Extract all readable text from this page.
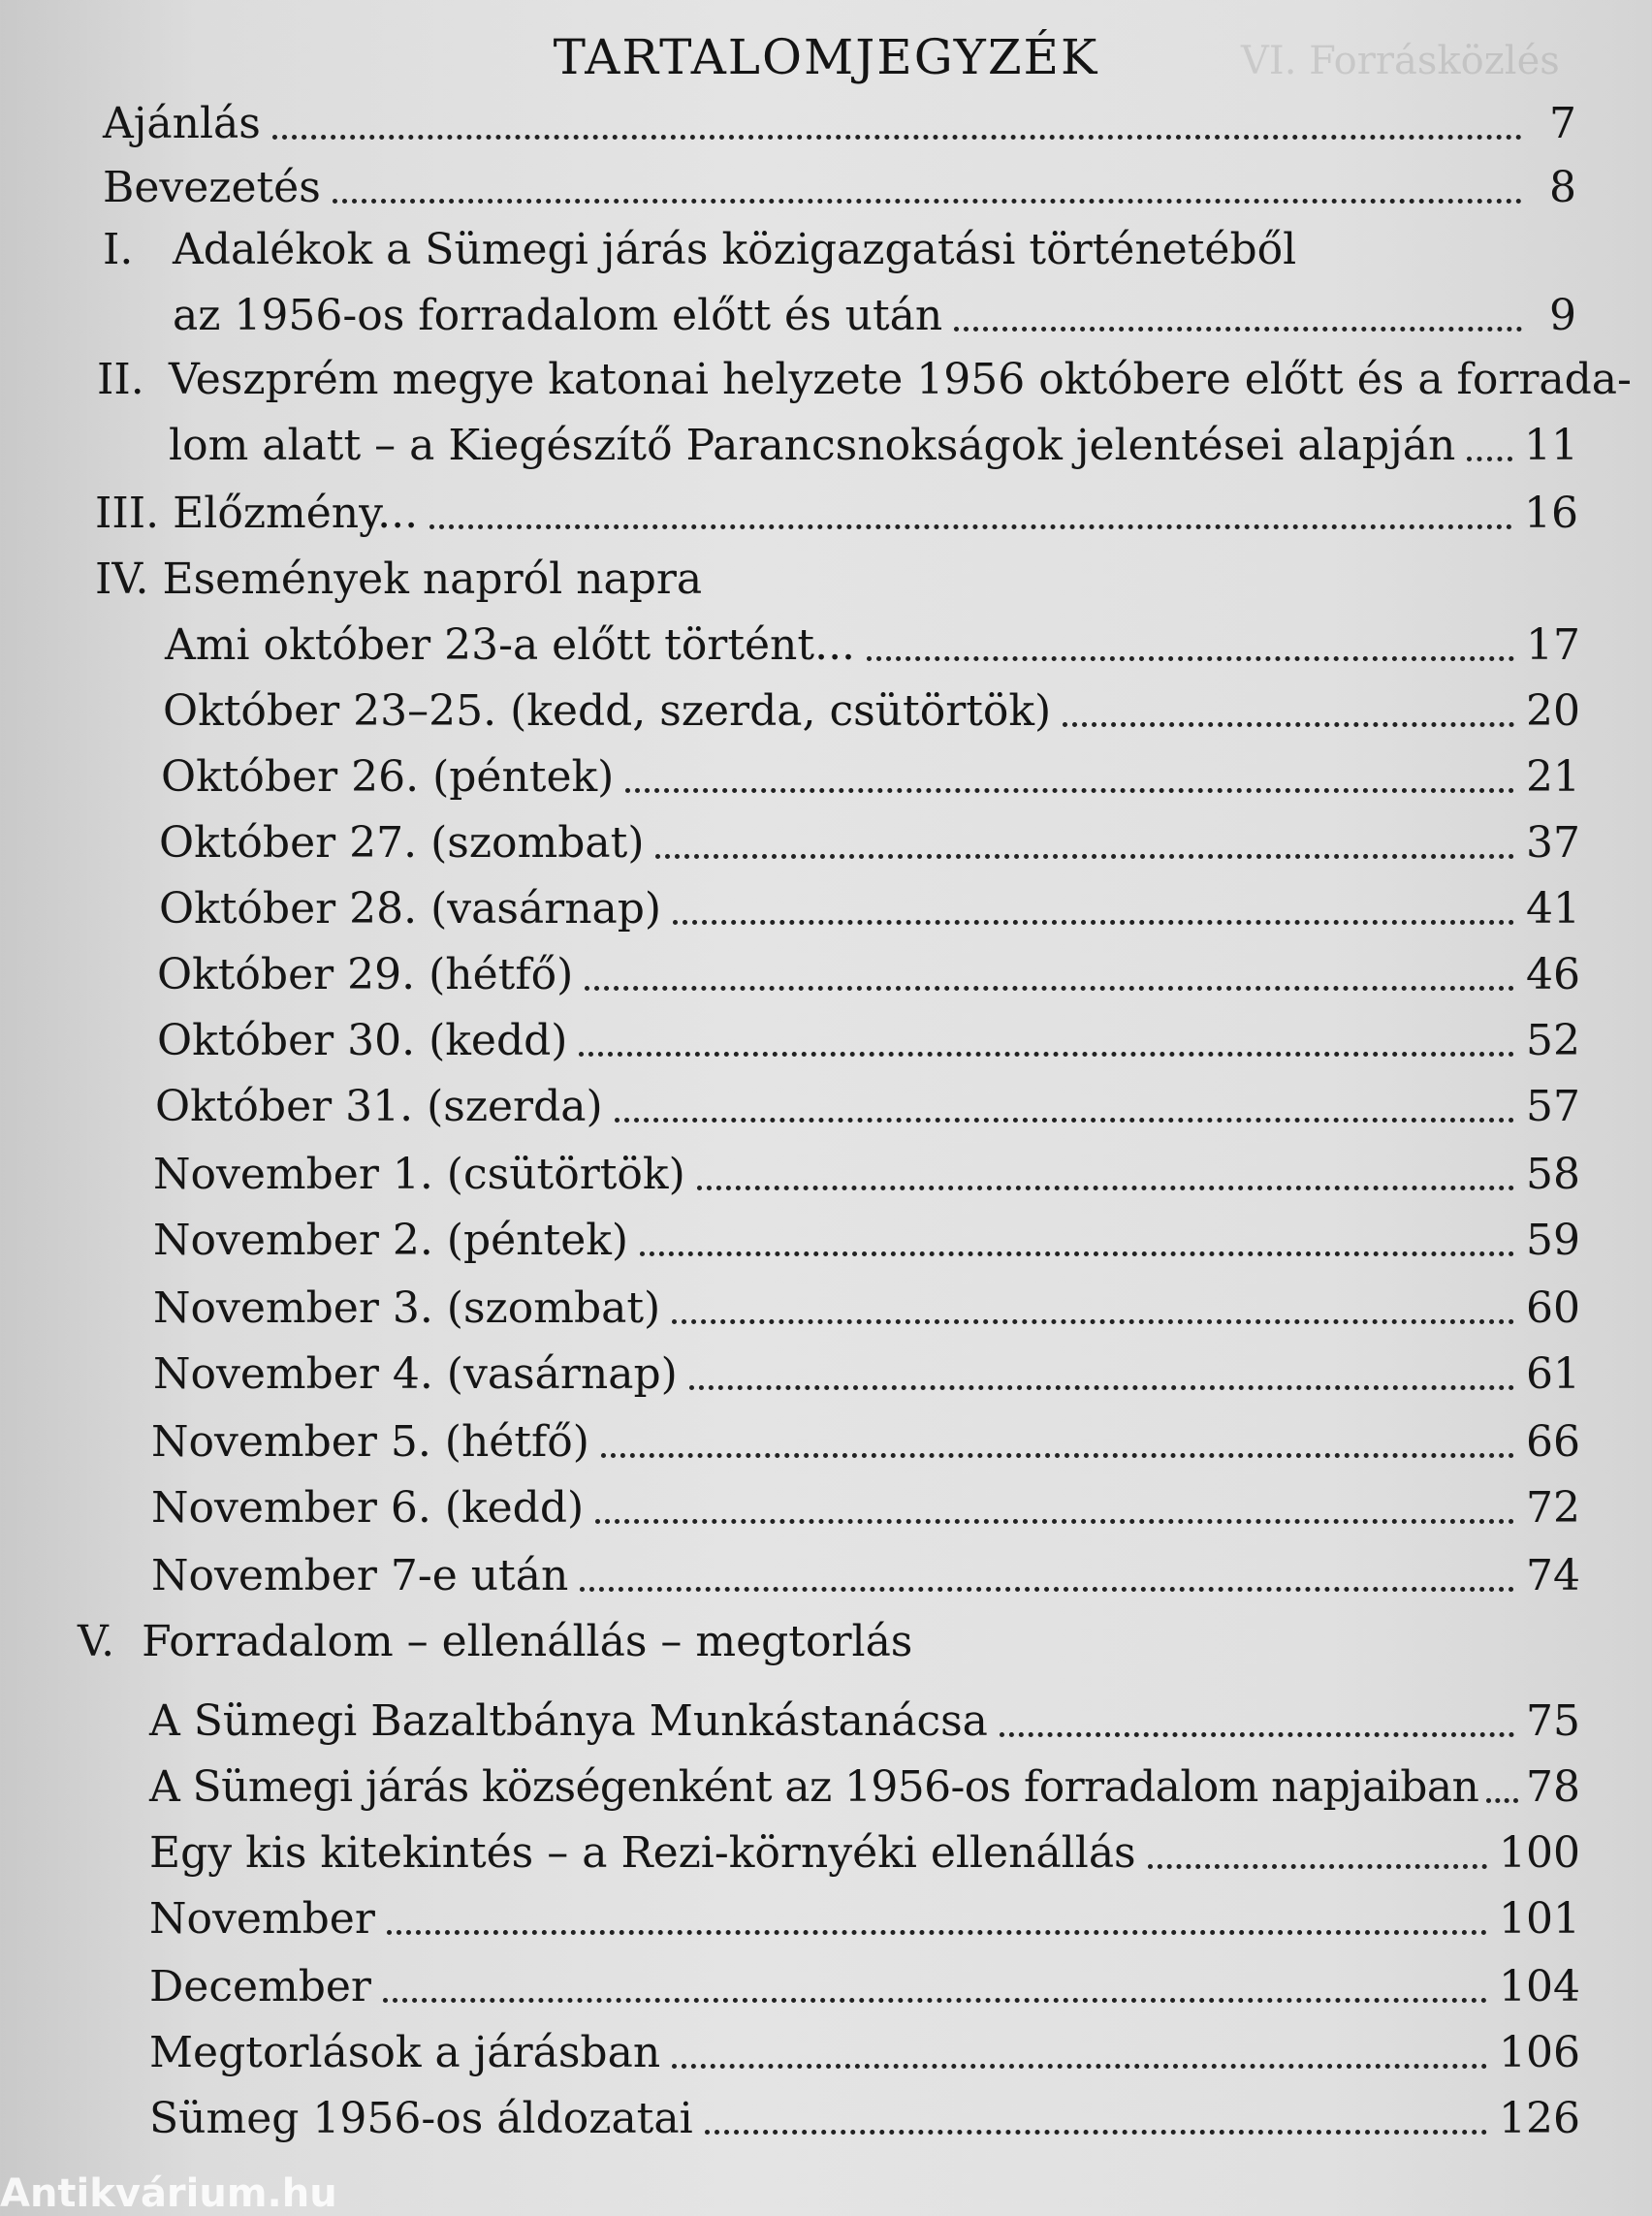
VI. Forrásközlés
TARTALOMJEGYZÉK
Ajánlás	7
Bevezetés	8
I. Adalékok a Sümegi járás közigazgatási történetéből
az 1956-os forradalom előtt és után	9
II. Veszprém megye katonai helyzete 1956 októbere előtt és a forrada-
lom alatt – a Kiegészítő Parancsnokságok jelentései alapján 11
III. Előzmény...	16
IV. Események napról napra
Ami október 23-a előtt történt...	17
Október 23–25. (kedd, szerda, csütörtök)	20
Október 26. (péntek)	21
Október 27. (szombat)	37
Október 28. (vasárnap)	41
Október 29. (hétfő)	46
Október 30. (kedd)	52
Október 31. (szerda)	57
November 1. (csütörtök)	58
November 2. (péntek)	59
November 3. (szombat)	60
November 4. (vasárnap)	61
November 5. (hétfő)	66
November 6. (kedd)	72
November 7-e után	74
V. Forradalom – ellenállás – megtorlás
A Sümegi Bazaltbánya Munkástanácsa	75
A Sümegi járás községenként az 1956-os forradalom napjaiban 78
Egy kis kitekintés – a Rezi-környéki ellenállás	100
November	101
December	104
Megtorlások a járásban	106
Sümeg 1956-os áldozatai	126
Antikvárium.hu
